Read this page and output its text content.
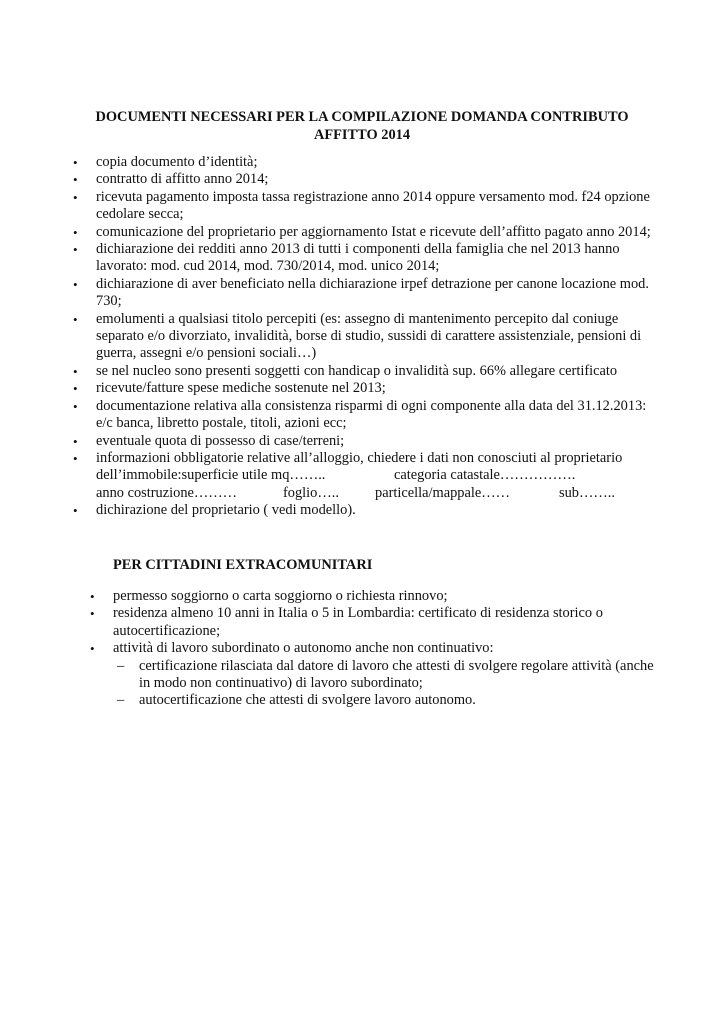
DOCUMENTI NECESSARI PER LA COMPILAZIONE DOMANDA CONTRIBUTO AFFITTO 2014
• copia documento d’identità;
• contratto di affitto anno 2014;
• ricevuta pagamento imposta tassa registrazione anno 2014 oppure versamento mod. f24 opzione cedolare secca;
• comunicazione del proprietario per aggiornamento Istat e ricevute dell’affitto pagato anno 2014;
• dichiarazione dei redditi anno 2013 di tutti i componenti della famiglia che nel 2013 hanno lavorato: mod. cud 2014, mod. 730/2014, mod. unico 2014;
• dichiarazione di aver beneficiato nella dichiarazione irpef detrazione per canone locazione mod. 730;
• emolumenti a qualsiasi titolo percepiti (es: assegno di mantenimento percepito dal coniuge separato e/o divorziato, invalidità, borse di studio, sussidi di carattere assistenziale, pensioni di guerra, assegni e/o pensioni sociali…)
• se nel nucleo sono presenti soggetti con handicap o invalidità sup. 66% allegare certificato
• ricevute/fatture spese mediche sostenute nel 2013;
• documentazione relativa alla consistenza risparmi di ogni componente alla data del 31.12.2013: e/c banca, libretto postale, titoli, azioni ecc;
• eventuale quota di possesso di case/terreni;
• informazioni obbligatorie relative all’alloggio, chiedere i dati non conosciuti al proprietario
dell’immobile:superficie utile mq……..	categoria catastale…………….
anno costruzione………	foglio…..	particella/mappale……	sub……..
• dichirazione del proprietario ( vedi modello).
PER CITTADINI EXTRACOMUNITARI
• permesso soggiorno o carta soggiorno o richiesta rinnovo;
• residenza almeno 10 anni in Italia o 5 in Lombardia: certificato di residenza storico o autocertificazione;
• attività di lavoro subordinato o autonomo anche non continuativo:
– certificazione rilasciata dal datore di lavoro che attesti di svolgere regolare attività (anche in modo non continuativo) di lavoro subordinato;
– autocertificazione che attesti di svolgere lavoro autonomo.
